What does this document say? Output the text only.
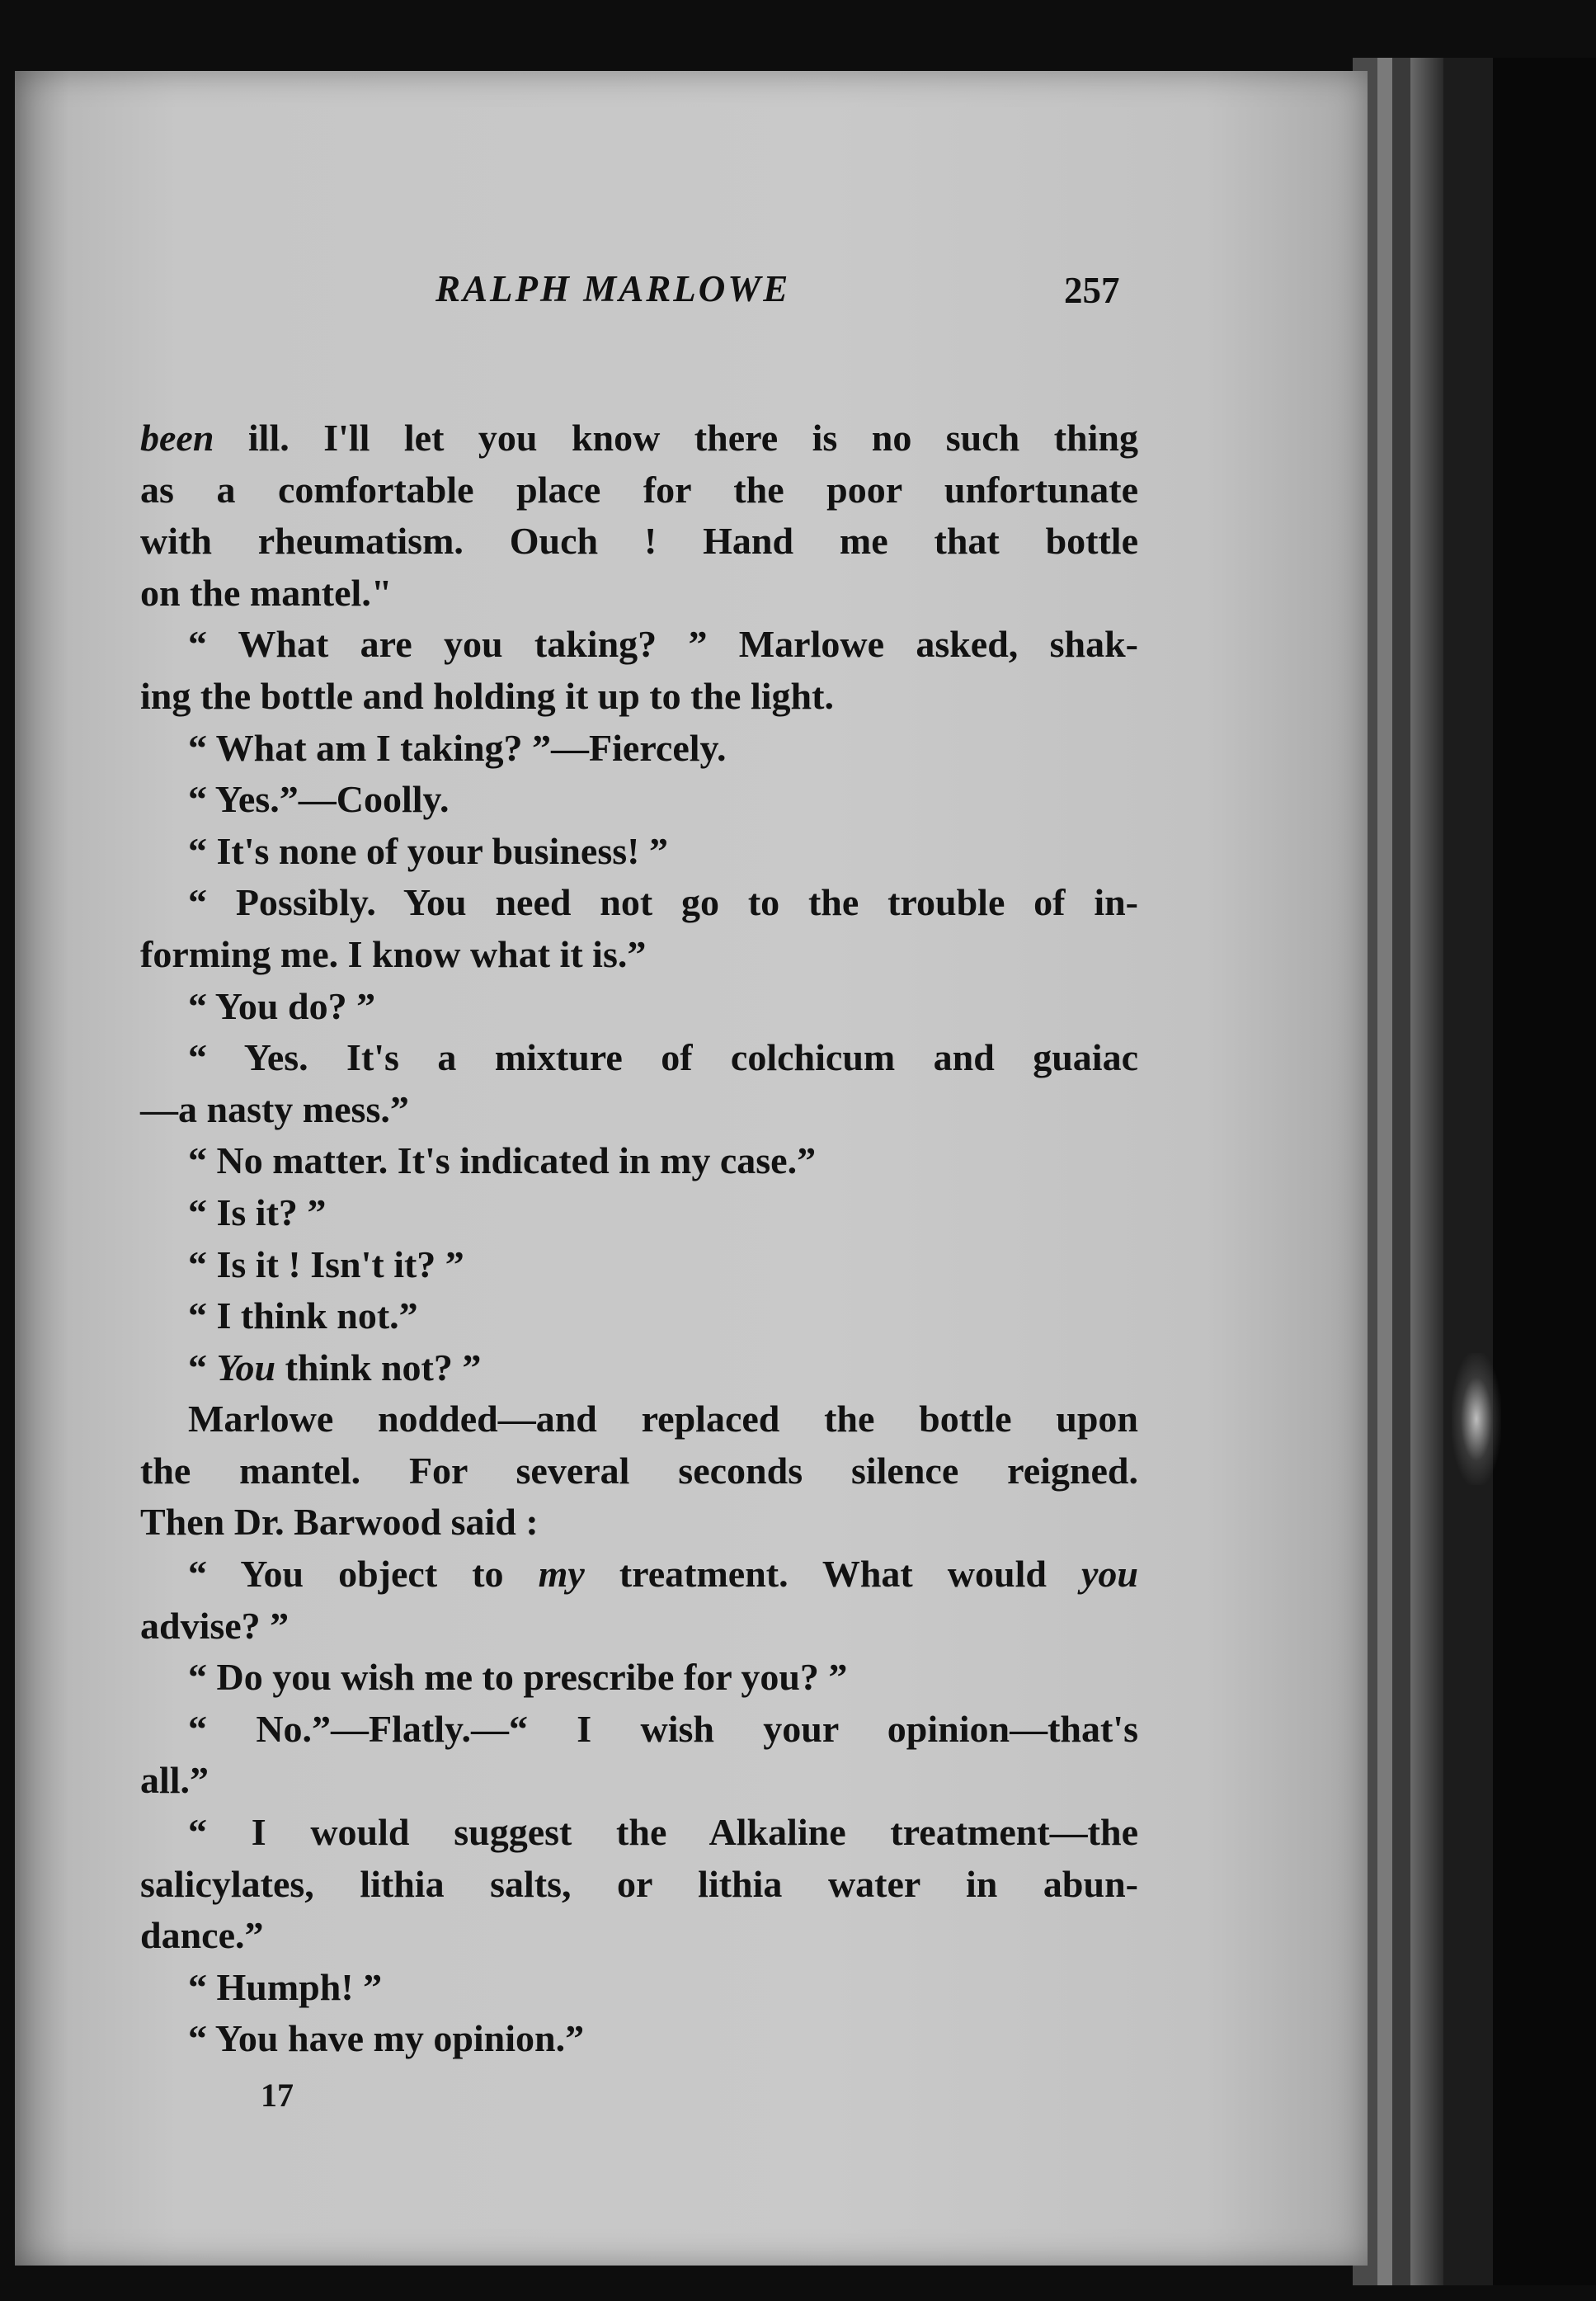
RALPH MARLOWE	257
been ill. I'll let you know there is no such thing
as a comfortable place for the poor unfortunate
with rheumatism. Ouch ! Hand me that bottle
on the mantel."
“ What are you taking? ” Marlowe asked, shak-
ing the bottle and holding it up to the light.
“ What am I taking? ”—Fiercely.
“ Yes.”—Coolly.
“ It's none of your business! ”
“ Possibly. You need not go to the trouble of in-
forming me. I know what it is.”
“ You do? ”
“ Yes. It's a mixture of colchicum and guaiac
—a nasty mess.”
“ No matter. It's indicated in my case.”
“ Is it? ”
“ Is it ! Isn't it? ”
“ I think not.”
“ You think not? ”
Marlowe nodded—and replaced the bottle upon
the mantel. For several seconds silence reigned.
Then Dr. Barwood said :
“ You object to my treatment. What would you
advise? ”
“ Do you wish me to prescribe for you? ”
“ No.”—Flatly.—“ I wish your opinion—that's
all.”
“ I would suggest the Alkaline treatment—the
salicylates, lithia salts, or lithia water in abun-
dance.”
“ Humph! ”
“ You have my opinion.”
17
